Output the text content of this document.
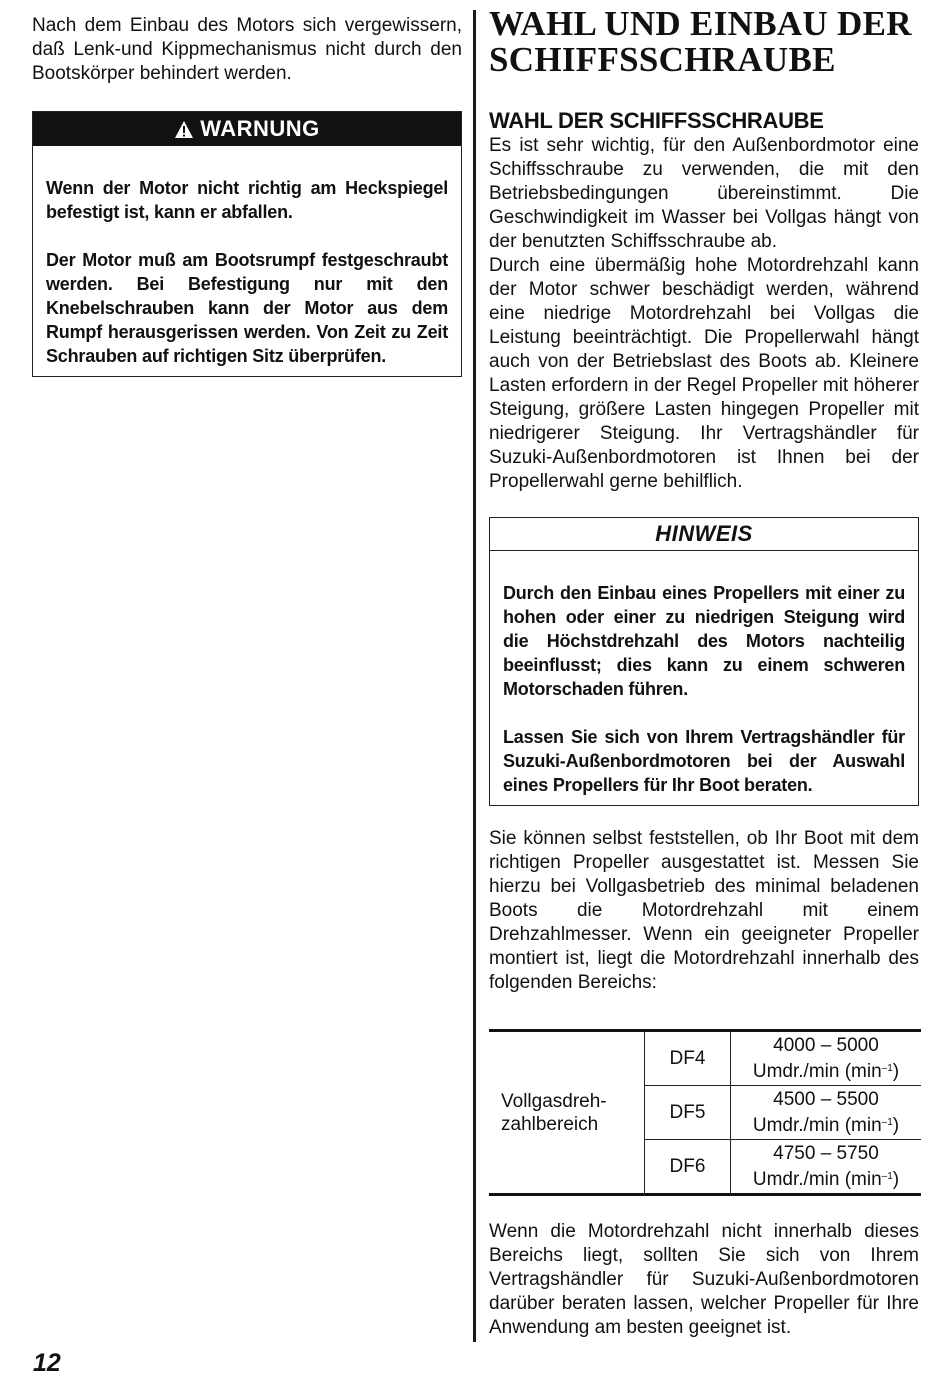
Nach dem Einbau des Motors sich vergewissern, daß Lenk-und Kippmechanismus nicht durch den Bootskörper behindert werden.

WARNUNG

Wenn der Motor nicht richtig am Heckspiegel befestigt ist, kann er abfallen.

Der Motor muß am Bootsrumpf festgeschraubt werden. Bei Befestigung nur mit den Knebelschrauben kann der Motor aus dem Rumpf herausgerissen werden. Von Zeit zu Zeit Schrauben auf richtigen Sitz überprüfen.

WAHL UND EINBAU DER SCHIFFSSCHRAUBE
WAHL DER SCHIFFSSCHRAUBE

Es ist sehr wichtig, für den Außenbordmotor eine Schiffsschraube zu verwenden, die mit den Betriebsbedingungen übereinstimmt. Die Geschwindigkeit im Wasser bei Vollgas hängt von der benutzten Schiffsschraube ab.

Durch eine übermäßig hohe Motordrehzahl kann der Motor schwer beschädigt werden, während eine niedrige Motordrehzahl bei Vollgas die Leistung beeinträchtigt. Die Propellerwahl hängt auch von der Betriebslast des Boots ab. Kleinere Lasten erfordern in der Regel Propeller mit höherer Steigung, größere Lasten hingegen Propeller mit niedrigerer Steigung. Ihr Vertragshändler für Suzuki-Außenbordmotoren ist Ihnen bei der Propellerwahl gerne behilflich.

HINWEIS

Durch den Einbau eines Propellers mit einer zu hohen oder einer zu niedrigen Steigung wird die Höchstdrehzahl des Motors nachteilig beeinflusst; dies kann zu einem schweren Motorschaden führen.

Lassen Sie sich von Ihrem Vertragshändler für Suzuki-Außenbordmotoren bei der Auswahl eines Propellers für Ihr Boot beraten.

Sie können selbst feststellen, ob Ihr Boot mit dem richtigen Propeller ausgestattet ist. Messen Sie hierzu bei Vollgasbetrieb des minimal beladenen Boots die Motordrehzahl mit einem Drehzahlmesser. Wenn ein geeigneter Propeller montiert ist, liegt die Motordrehzahl innerhalb des folgenden Bereichs:

Vollgasdreh-
zahlbereich	DF4	4000 – 5000
Umdr./min $(\min^{-1})$
	DF5	4500 – 5500
Umdr./min $(\min^{-1})$
	DF6	4750 – 5750
Umdr./min $(\min^{-1})$

Wenn die Motordrehzahl nicht innerhalb dieses Bereichs liegt, sollten Sie sich von Ihrem Vertragshändler für Suzuki-Außenbordmotoren darüber beraten lassen, welcher Propeller für Ihre Anwendung am besten geeignet ist.

12
